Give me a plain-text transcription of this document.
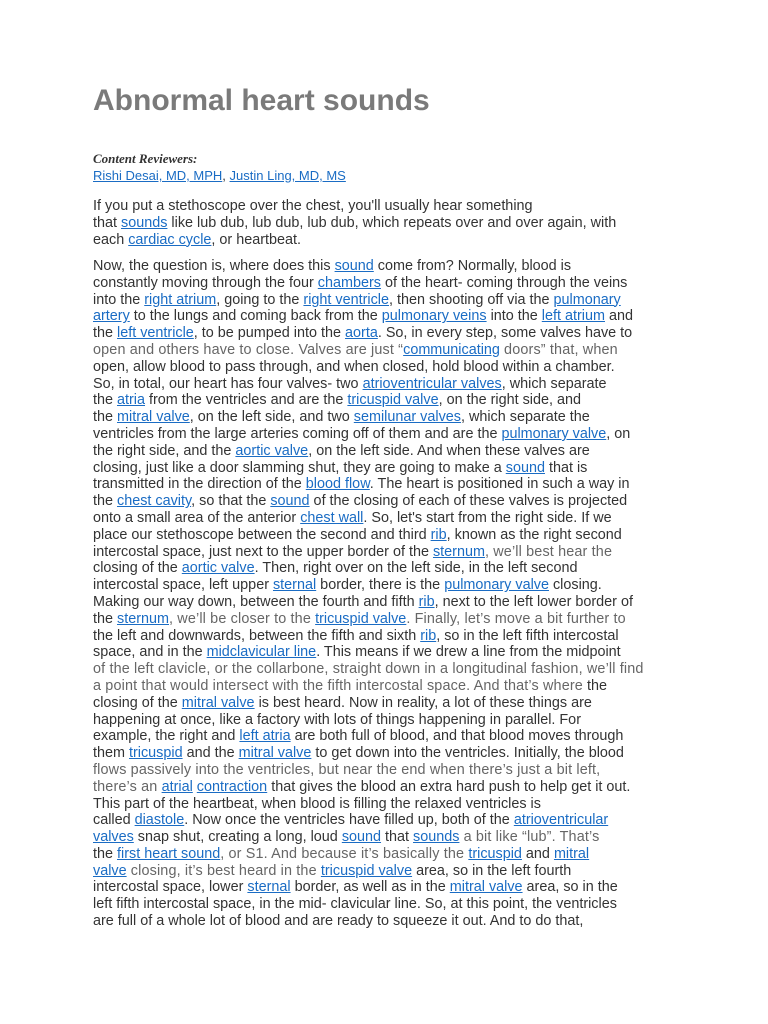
Abnormal heart sounds
Content Reviewers:
Rishi Desai, MD, MPH, Justin Ling, MD, MS
If you put a stethoscope over the chest, you'll usually hear something
that sounds like lub dub, lub dub, lub dub, which repeats over and over again, with
each cardiac cycle, or heartbeat.
Now, the question is, where does this sound come from? Normally, blood is
constantly moving through the four chambers of the heart- coming through the veins
into the right atrium, going to the right ventricle, then shooting off via the pulmonary
artery to the lungs and coming back from the pulmonary veins into the left atrium and
the left ventricle, to be pumped into the aorta. So, in every step, some valves have to
open and others have to close. Valves are just “communicating doors” that, when
open, allow blood to pass through, and when closed, hold blood within a chamber.
So, in total, our heart has four valves- two atrioventricular valves, which separate
the atria from the ventricles and are the tricuspid valve, on the right side, and
the mitral valve, on the left side, and two semilunar valves, which separate the
ventricles from the large arteries coming off of them and are the pulmonary valve, on
the right side, and the aortic valve, on the left side. And when these valves are
closing, just like a door slamming shut, they are going to make a sound that is
transmitted in the direction of the blood flow. The heart is positioned in such a way in
the chest cavity, so that the sound of the closing of each of these valves is projected
onto a small area of the anterior chest wall. So, let's start from the right side. If we
place our stethoscope between the second and third rib, known as the right second
intercostal space, just next to the upper border of the sternum, we’ll best hear the
closing of the aortic valve. Then, right over on the left side, in the left second
intercostal space, left upper sternal border, there is the pulmonary valve closing.
Making our way down, between the fourth and fifth rib, next to the left lower border of
the sternum, we’ll be closer to the tricuspid valve. Finally, let’s move a bit further to
the left and downwards, between the fifth and sixth rib, so in the left fifth intercostal
space, and in the midclavicular line. This means if we drew a line from the midpoint
of the left clavicle, or the collarbone, straight down in a longitudinal fashion, we’ll find
a point that would intersect with the fifth intercostal space. And that’s where the
closing of the mitral valve is best heard. Now in reality, a lot of these things are
happening at once, like a factory with lots of things happening in parallel. For
example, the right and left atria are both full of blood, and that blood moves through
them tricuspid and the mitral valve to get down into the ventricles. Initially, the blood
flows passively into the ventricles, but near the end when there’s just a bit left,
there’s an atrial contraction that gives the blood an extra hard push to help get it out.
This part of the heartbeat, when blood is filling the relaxed ventricles is
called diastole. Now once the ventricles have filled up, both of the atrioventricular
valves snap shut, creating a long, loud sound that sounds a bit like “lub”. That’s
the first heart sound, or S1. And because it’s basically the tricuspid and mitral
valve closing, it’s best heard in the tricuspid valve area, so in the left fourth
intercostal space, lower sternal border, as well as in the mitral valve area, so in the
left fifth intercostal space, in the mid- clavicular line. So, at this point, the ventricles
are full of a whole lot of blood and are ready to squeeze it out. And to do that,
